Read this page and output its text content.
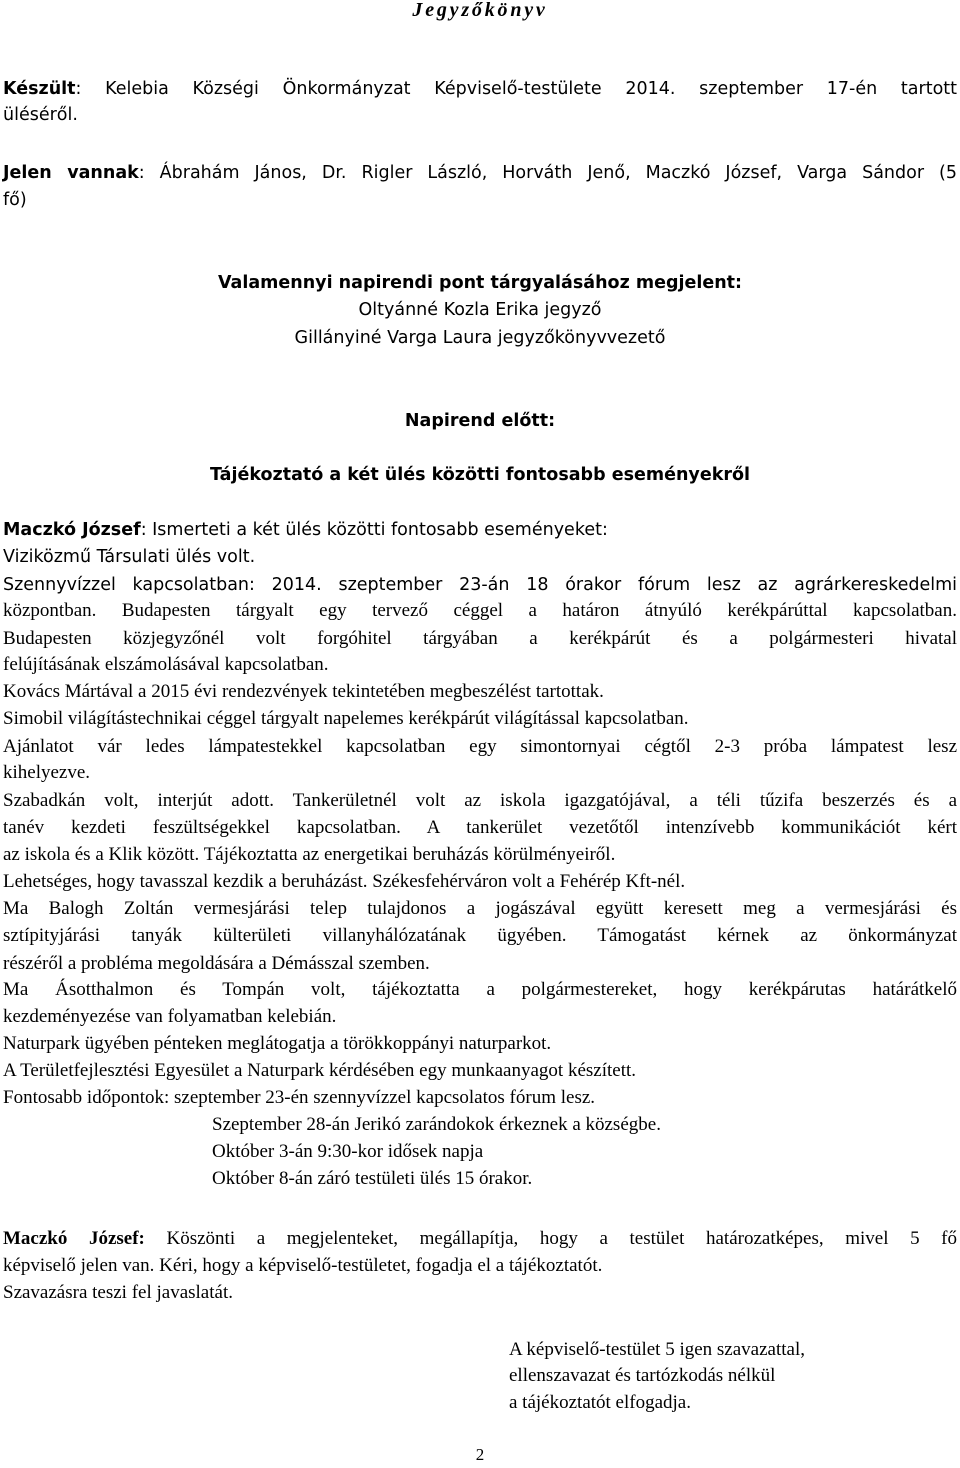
Jegyzőkönyv
Készült: Kelebia Községi Önkormányzat Képviselő-testülete 2014. szeptember 17-én tartott
üléséről.
Jelen vannak: Ábrahám János, Dr. Rigler László, Horváth Jenő, Maczkó József, Varga Sándor (5
fő)
Valamennyi napirendi pont tárgyalásához megjelent:
Oltyánné Kozla Erika jegyző
Gillányiné Varga Laura jegyzőkönyvvezető
Napirend előtt:
Tájékoztató a két ülés közötti fontosabb eseményekről
Maczkó József: Ismerteti a két ülés közötti fontosabb eseményeket:
Viziközmű Társulati ülés volt.
Szennyvízzel kapcsolatban: 2014. szeptember 23-án 18 órakor fórum lesz az agrárkereskedelmi
központban. Budapesten tárgyalt egy tervező céggel a határon átnyúló kerékpárúttal kapcsolatban.
Budapesten közjegyzőnél volt forgóhitel tárgyában a kerékpárút és a polgármesteri hivatal
felújításának elszámolásával kapcsolatban.
Kovács Mártával a 2015 évi rendezvények tekintetében megbeszélést tartottak.
Simobil világítástechnikai céggel tárgyalt napelemes kerékpárút világítással kapcsolatban.
Ajánlatot vár ledes lámpatestekkel kapcsolatban egy simontornyai cégtől 2-3 próba lámpatest lesz
kihelyezve.
Szabadkán volt, interjút adott. Tankerületnél volt az iskola igazgatójával, a téli tűzifa beszerzés és a
tanév kezdeti feszültségekkel kapcsolatban. A tankerület vezetőtől intenzívebb kommunikációt kért
az iskola és a Klik között. Tájékoztatta az energetikai beruházás körülményeiről.
Lehetséges, hogy tavasszal kezdik a beruházást. Székesfehérváron volt a Fehérép Kft-nél.
Ma Balogh Zoltán vermesjárási telep tulajdonos a jogászával együtt keresett meg a vermesjárási és
sztípityjárási tanyák külterületi villanyhálózatának ügyében. Támogatást kérnek az önkormányzat
részéről a probléma megoldására a Démásszal szemben.
Ma Ásotthalmon és Tompán volt, tájékoztatta a polgármestereket, hogy kerékpárutas határátkelő
kezdeményezése van folyamatban kelebián.
Naturpark ügyében pénteken meglátogatja a törökkoppányi naturparkot.
A Területfejlesztési Egyesület a Naturpark kérdésében egy munkaanyagot készített.
Fontosabb időpontok: szeptember 23-én szennyvízzel kapcsolatos fórum lesz.
Szeptember 28-án Jerikó zarándokok érkeznek a községbe.
Október 3-án 9:30-kor idősek napja
Október 8-án záró testületi ülés 15 órakor.
Maczkó József: Köszönti a megjelenteket, megállapítja, hogy a testület határozatképes, mivel 5 fő
képviselő jelen van. Kéri, hogy a képviselő-testületet, fogadja el a tájékoztatót.
Szavazásra teszi fel javaslatát.
A képviselő-testület 5 igen szavazattal,
ellenszavazat és tartózkodás nélkül
a tájékoztatót elfogadja.
2
